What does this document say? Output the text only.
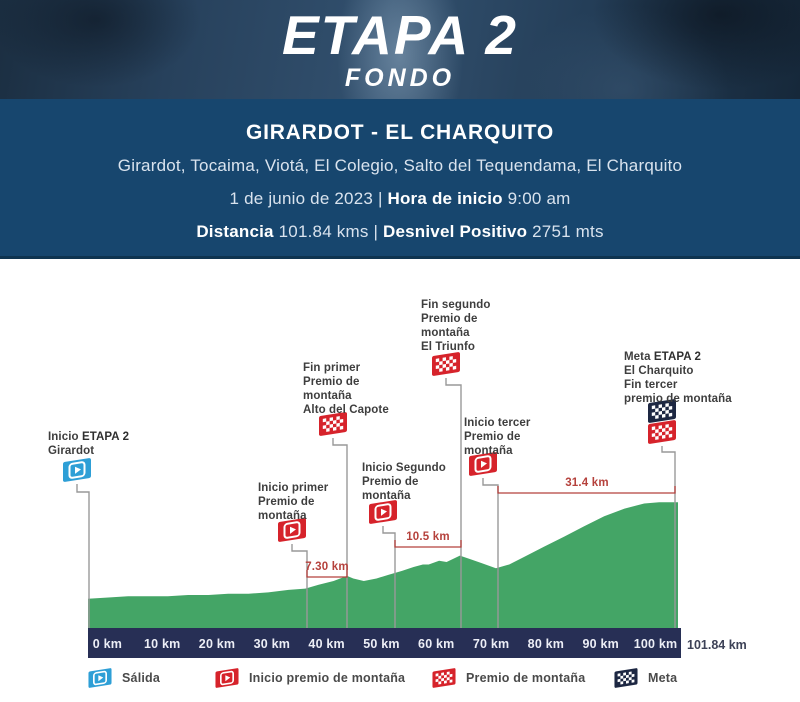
ETAPA 2
FONDO
GIRARDOT - EL CHARQUITO
Girardot, Tocaima, Viotá, El Colegio, Salto del Tequendama, El Charquito
1 de junio de 2023 | Hora de inicio 9:00 am
Distancia 101.84 kms | Desnivel Positivo 2751 mts
Inicio ETAPA 2
Girardot
Inicio primer
Premio de
montaña
Fin primer
Premio de
montaña
Alto del Capote
Inicio Segundo
Premio de
montaña
Fin segundo
Premio de
montaña
El Triunfo
Inicio tercer
Premio de
montaña
Meta ETAPA 2
El Charquito
Fin tercer
premio de montaña
7.30 km
10.5 km
31.4 km
0 km	10 km	20 km	30 km	40 km	50 km	60 km	70 km	80 km	90 km	100 km 101.84 km
Sálida	Inicio premio de montaña	Premio de montaña	Meta
